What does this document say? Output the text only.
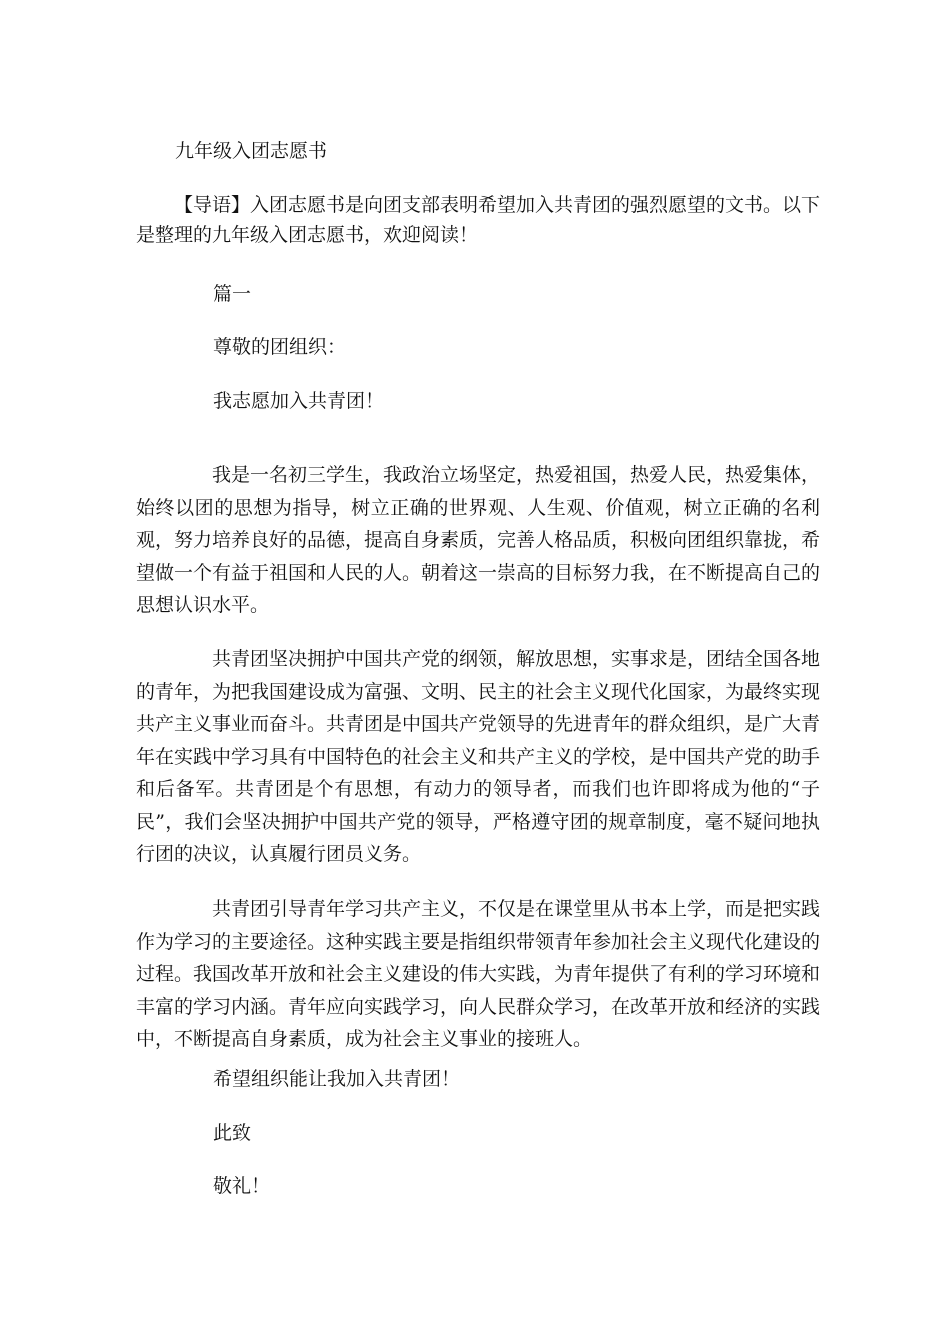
九年级入团志愿书
【导语】入团志愿书是向团支部表明希望加入共青团的强烈愿望的文书。以下是整理的九年级入团志愿书，欢迎阅读！
篇一
尊敬的团组织：
我志愿加入共青团！

我是一名初三学生，我政治立场坚定，热爱祖国，热爱人民，热爱集体，始终以团的思想为指导，树立正确的世界观、人生观、价值观，树立正确的名利观，努力培养良好的品德，提高自身素质，完善人格品质，积极向团组织靠拢，希望做一个有益于祖国和人民的人。朝着这一崇高的目标努力我，在不断提高自己的思想认识水平。

共青团坚决拥护中国共产党的纲领，解放思想，实事求是，团结全国各地的青年，为把我国建设成为富强、文明、民主的社会主义现代化国家，为最终实现共产主义事业而奋斗。共青团是中国共产党领导的先进青年的群众组织，是广大青年在实践中学习具有中国特色的社会主义和共产主义的学校，是中国共产党的助手和后备军。共青团是个有思想，有动力的领导者，而我们也许即将成为他的“子民”，我们会坚决拥护中国共产党的领导，严格遵守团的规章制度，毫不疑问地执行团的决议，认真履行团员义务。

共青团引导青年学习共产主义，不仅是在课堂里从书本上学，而是把实践作为学习的主要途径。这种实践主要是指组织带领青年参加社会主义现代化建设的过程。我国改革开放和社会主义建设的伟大实践，为青年提供了有利的学习环境和丰富的学习内涵。青年应向实践学习，向人民群众学习，在改革开放和经济的实践中，不断提高自身素质，成为社会主义事业的接班人。

希望组织能让我加入共青团！
此致
敬礼！
